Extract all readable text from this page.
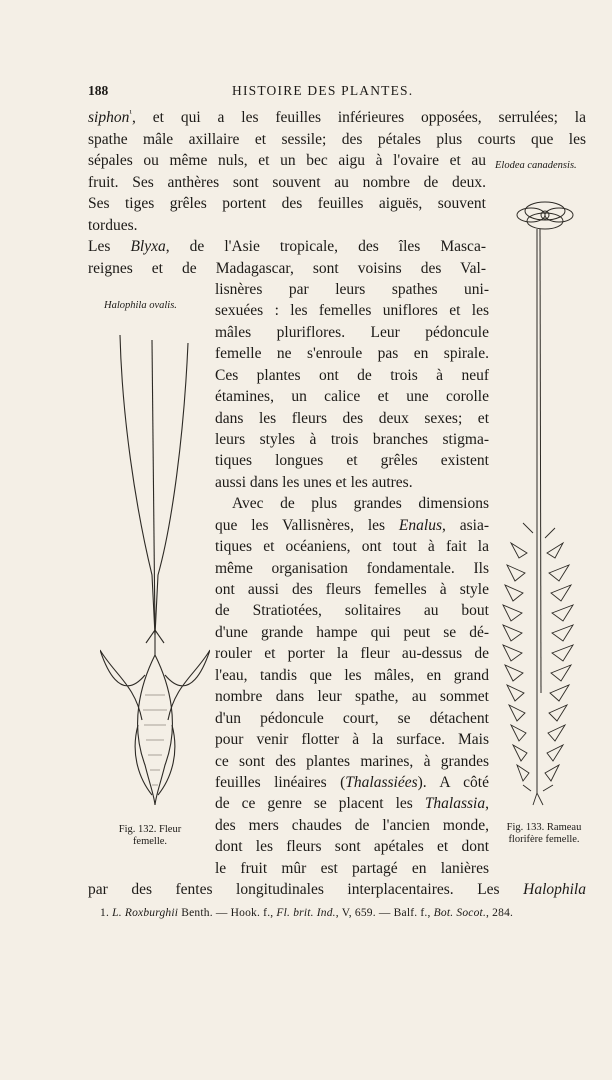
188	HISTOIRE DES PLANTES.
siphon$^{^1}$, et qui a les feuilles inférieures opposées, serrulées; la
spathe mâle axillaire et sessile; des pétales plus courts que les
sépales ou même nuls, et un bec aigu à l'ovaire et au
fruit. Ses anthères sont souvent au nombre de deux.
Ses tiges grêles portent des feuilles aiguës, souvent
tordues.
Les Blyxa, de l'Asie tropicale, des îles Masca-
reignes et de Madagascar, sont voisins des Val-
lisnères par leurs spathes uni-
sexuées : les femelles uniflores et les
mâles pluriflores. Leur pédoncule
femelle ne s'enroule pas en spirale.
Ces plantes ont de trois à neuf
étamines, un calice et une corolle
dans les fleurs des deux sexes; et
leurs styles à trois branches stigma-
tiques longues et grêles existent
aussi dans les unes et les autres.
Avec de plus grandes dimensions
que les Vallisnères, les Enalus, asia-
tiques et océaniens, ont tout à fait la
même organisation fondamentale. Ils
ont aussi des fleurs femelles à style
de Stratiotées, solitaires au bout
d'une grande hampe qui peut se dé-
rouler et porter la fleur au-dessus de
l'eau, tandis que les mâles, en grand
nombre dans leur spathe, au sommet
d'un pédoncule court, se détachent
pour venir flotter à la surface. Mais
ce sont des plantes marines, à grandes
feuilles linéaires (Thalassiées). A côté
de ce genre se placent les Thalassia,
des mers chaudes de l'ancien monde,
dont les fleurs sont apétales et dont
le fruit mûr est partagé en lanières
par des fentes longitudinales interplacentaires. Les Halophila
Elodea canadensis.
Halophila ovalis.
Fig. 132. Fleur
femelle.
Fig. 133. Rameau
florifère femelle.
1. L. Roxburghii Benth. — Hook. f., Fl. brit. Ind., V, 659. — Balf. f., Bot. Socot., 284.
